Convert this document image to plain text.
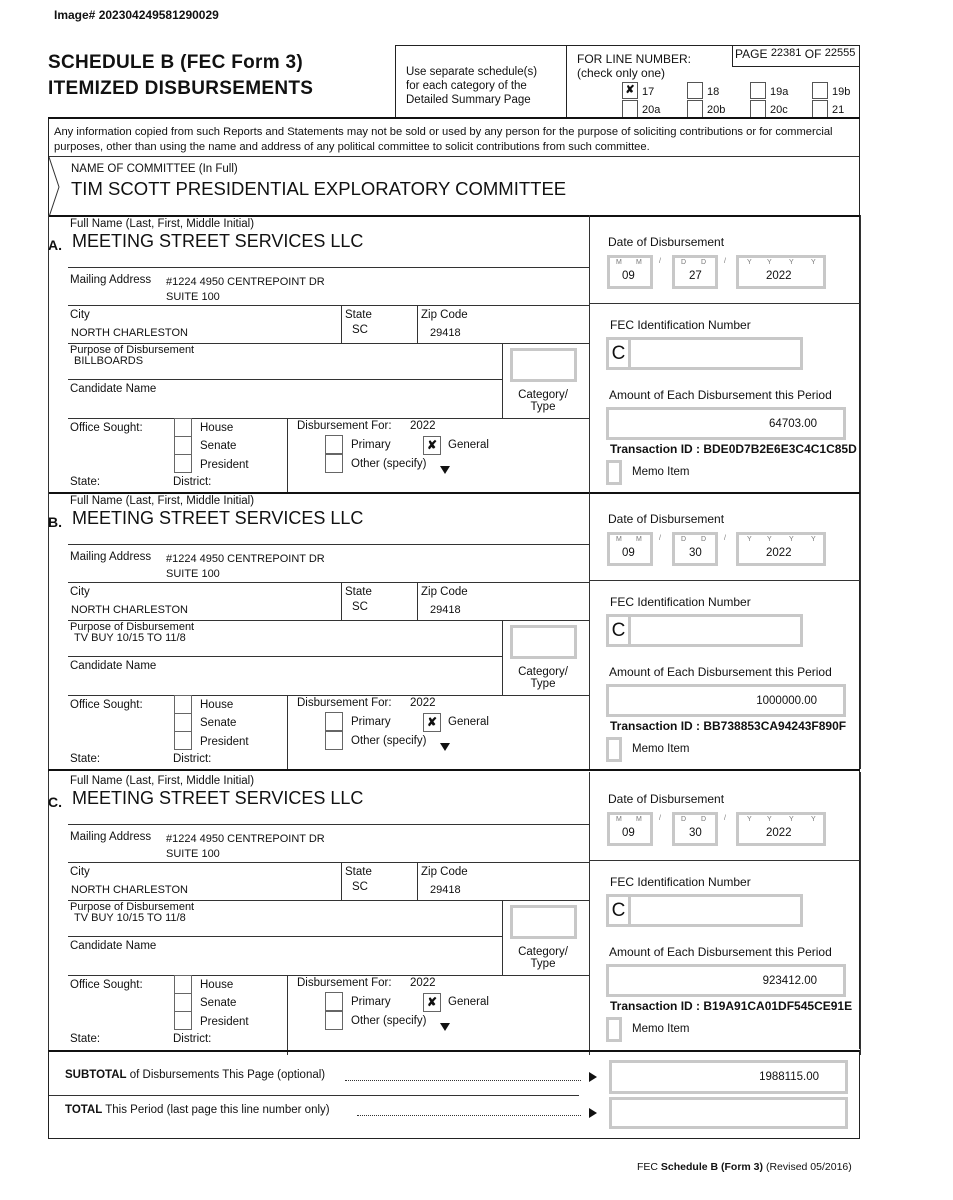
Image# 202304249581290029
SCHEDULE B (FEC Form 3)
ITEMIZED DISBURSEMENTS
Use separate schedule(s)
for each category of the
Detailed Summary Page
FOR LINE NUMBER:
(check only one)
PAGE 22381 OF 22555
✘ 17	18	19a	19b
20a	20b	20c	21
Any information copied from such Reports and Statements may not be sold or used by any person for the purpose of soliciting contributions or for commercial purposes, other than using the name and address of any political committee to solicit contributions from such committee.
NAME OF COMMITTEE (In Full)
TIM SCOTT PRESIDENTIAL EXPLORATORY COMMITTEE
Full Name (Last, First, Middle Initial)
A. MEETING STREET SERVICES LLC
Mailing Address #1224 4950 CENTREPOINT DR
SUITE 100
City
NORTH CHARLESTON
State
SC
Zip Code
29418
Purpose of Disbursement
BILLBOARDS
Candidate Name	Category/
Type
Office Sought:	House
Senate
President
State:	District:
Disbursement For: 2022
Primary	✘ General
Other (specify)
Date of Disbursement
M M
09
/	D D
27
/	Y Y Y Y
2022
FEC Identification Number
C
Amount of Each Disbursement this Period
64703.00
Transaction ID : BDE0D7B2E6E3C4C1C85D
Memo Item
Full Name (Last, First, Middle Initial)
B. MEETING STREET SERVICES LLC
Mailing Address #1224 4950 CENTREPOINT DR
SUITE 100
City
NORTH CHARLESTON
State
SC
Zip Code
29418
Purpose of Disbursement
TV BUY 10/15 TO 11/8
Candidate Name	Category/
Type
Office Sought:	House
Senate
President
State:	District:
Disbursement For: 2022
Primary	✘ General
Other (specify)
Date of Disbursement
M M
09
/	D D
30
/	Y Y Y Y
2022
FEC Identification Number
C
Amount of Each Disbursement this Period
1000000.00
Transaction ID : BB738853CA94243F890F
Memo Item
Full Name (Last, First, Middle Initial)
C. MEETING STREET SERVICES LLC
Mailing Address #1224 4950 CENTREPOINT DR
SUITE 100
City
NORTH CHARLESTON
State
SC
Zip Code
29418
Purpose of Disbursement
TV BUY 10/15 TO 11/8
Candidate Name	Category/
Type
Office Sought:	House
Senate
President
State:	District:
Disbursement For: 2022
Primary	✘ General
Other (specify)
Date of Disbursement
M M
09
/	D D
30
/	Y Y Y Y
2022
FEC Identification Number
C
Amount of Each Disbursement this Period
923412.00
Transaction ID : B19A91CA01DF545CE91E
Memo Item
SUBTOTAL of Disbursements This Page (optional)	1988115.00
TOTAL This Period (last page this line number only)
FEC Schedule B (Form 3) (Revised 05/2016)
